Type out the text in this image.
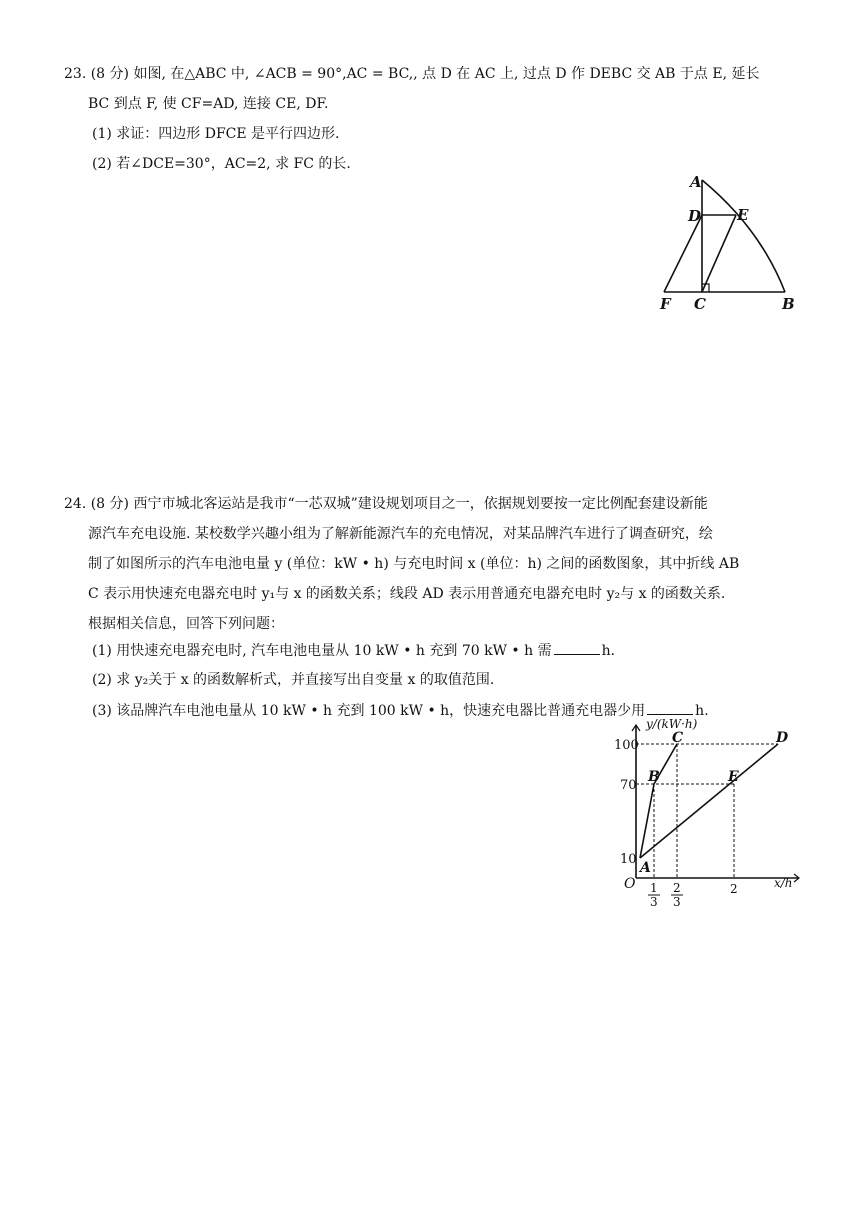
23. (8 分) 如图, 在△ABC 中, ∠ACB = 90°,AC = BC,, 点 D 在 AC 上, 过点 D 作 DEBC 交 AB 于点 E, 延长
BC 到点 F, 使 CF=AD, 连接 CE, DF.
(1) 求证：四边形 DFCE 是平行四边形.
(2) 若∠DCE=30°，AC=2, 求 FC 的长.
A
D E
F C	B
24. (8 分) 西宁市城北客运站是我市“一芯双城”建设规划项目之一，依据规划要按一定比例配套建设新能
源汽车充电设施. 某校数学兴趣小组为了解新能源汽车的充电情况，对某品牌汽车进行了调查研究，绘
制了如图所示的汽车电池电量 y (单位：kW • h) 与充电时间 x (单位：h) 之间的函数图象，其中折线 AB
C 表示用快速充电器充电时 y₁与 x 的函数关系；线段 AD 表示用普通充电器充电时 y₂与 x 的函数关系.
根据相关信息，回答下列问题：
(1) 用快速充电器充电时, 汽车电池电量从 10 kW • h 充到 70 kW • h 需	h.
(2) 求 y₂关于 x 的函数解析式，并直接写出自变量 x 的取值范围.
(3) 该品牌汽车电池电量从 10 kW • h 充到 100 kW • h，快速充电器比普通充电器少用	h.
y/(kW·h)
x/h
O
100
70
10
1
3
2
3
2
A
B
C	D
E
